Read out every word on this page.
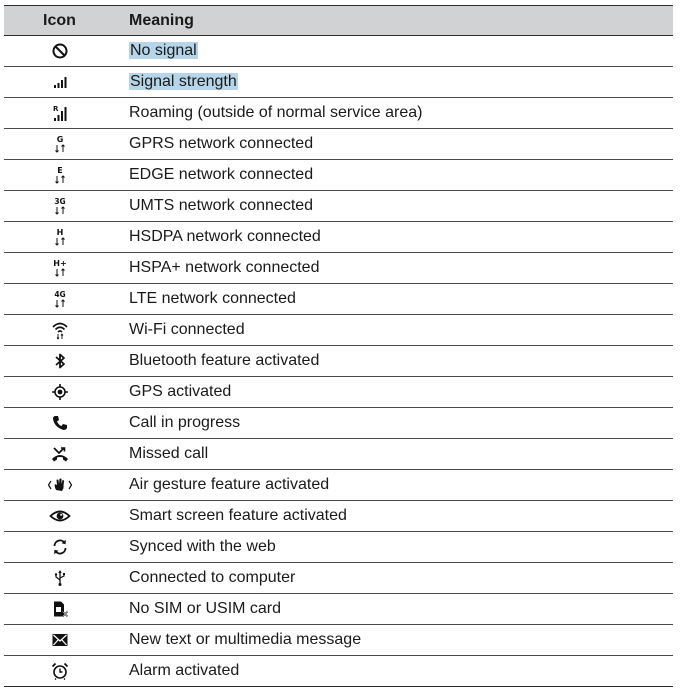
Icon	Meaning
	No signal
	Signal strength

R	Roaming (outside of normal service area)

G	GPRS network connected

E	EDGE network connected

3G	UMTS network connected

H	HSDPA network connected

H+	HSPA+ network connected

4G	LTE network connected
	Wi-Fi connected
	Bluetooth feature activated
	GPS activated
	Call in progress
	Missed call
	Air gesture feature activated
	Smart screen feature activated
	Synced with the web
	Connected to computer
	No SIM or USIM card
	New text or multimedia message
	Alarm activated
